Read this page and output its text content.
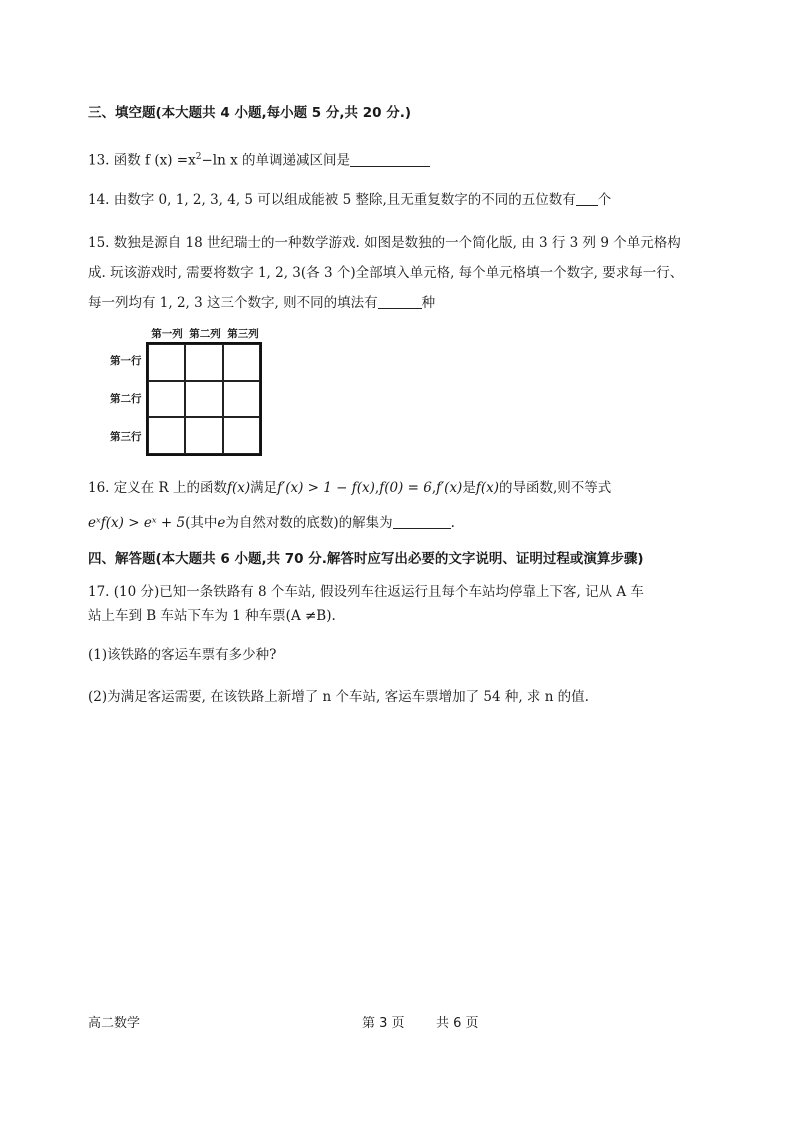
三、填空题(本大题共 4 小题,每小题 5 分,共 20 分.)
13. 函数 f $(x) =x^2-\ln$ x 的单调递减区间是
14. 由数字 0, 1, 2, 3, 4, 5 可以组成能被 5 整除,且无重复数字的不同的五位数有 个
15. 数独是源自 18 世纪瑞士的一种数学游戏. 如图是数独的一个简化版, 由 3 行 3 列 9 个单元格构
成. 玩该游戏时, 需要将数字 1, 2, 3(各 3 个)全部填入单元格, 每个单元格填一个数字, 要求每一行、
每一列均有 1, 2, 3 这三个数字, 则不同的填法有	种
第一列 第二列 第三列
第一行
第二行
第三行
16. 定义在 R 上的函数f(x)满足f′(x) > 1 − f(x),f(0) = 6,f′(x)是f(x)的导函数,则不等式
eˣf(x) > eˣ + 5(其中e为自然对数的底数)的解集为	.
四、解答题(本大题共 6 小题,共 70 分.解答时应写出必要的文字说明、证明过程或演算步骤)
17. (10 分)已知一条铁路有 8 个车站, 假设列车往返运行且每个车站均停靠上下客, 记从 A 车
站上车到 B 车站下车为 1 种车票(A ≠B).
(1)该铁路的客运车票有多少种?
(2)为满足客运需要, 在该铁路上新增了 n 个车站, 客运车票增加了 54 种, 求 n 的值.
高二数学	第 3 页 共 6 页
